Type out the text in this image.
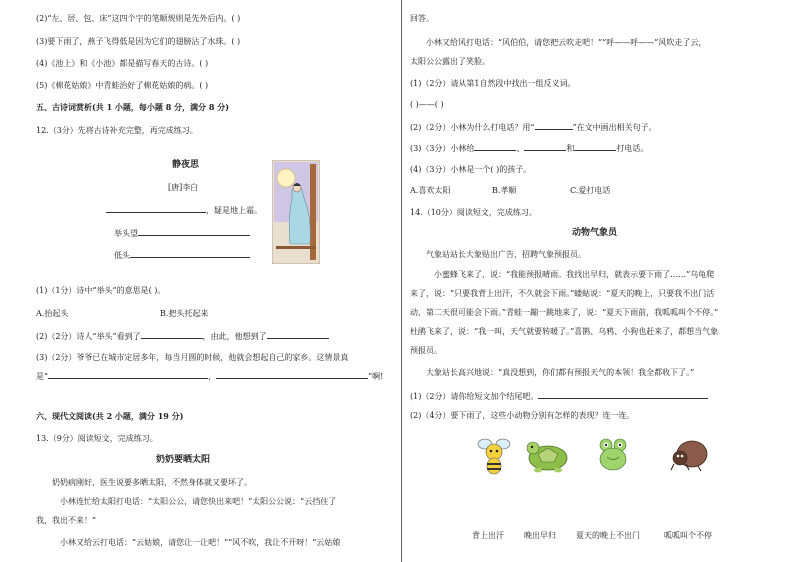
(2)“左、居、包、床”这四个字的笔顺规则是先外后内。( )
(3)要下雨了，燕子飞得低是因为它们的翅膀沾了水珠。( )
(4)《池上》和《小池》都是描写春天的古诗。( )
(5)《棉花姑娘》中青蛙治好了棉花姑娘的病。( )
五、古诗词赏析(共 1 小题，每小题 8 分，满分 8 分)
12.（3分）先将古诗补充完整，再完成练习。
静夜思
[唐]李白
，疑是地上霜。
举头望
低头
(1)（1分）诗中“举头”的意思是( )。
A.抬起头	B.把头托起来
(2)（2分）诗人“举头”看到了	，由此，他想到了
(3)（2分）爷爷已在城市定居多年，每当月圆的时候，他就会想起自己的家乡。这情景真
是“	，	”啊!
六、现代文阅读(共 2 小题，满分 19 分)
13.（9分）阅读短文，完成练习。
奶奶要晒太阳
奶奶病刚好，医生说要多晒太阳，不然身体就又要坏了。
小林连忙给太阳打电话：“太阳公公，请您快出来吧！”太阳公公说：“云挡住了
我，我出不来！”
小林又给云打电话：“云姑娘，请您让一让吧！”“风不吹，我让不开呀！”云姑娘
回答。
小林又给风打电话：“风伯伯，请您把云吹走吧！”“呼——呼——”风吹走了云，
太阳公公露出了笑脸。
(1)（2分）请从第1自然段中找出一组反义词。
( )——( )
(2)（2分）小林为什么打电话？用“	”在文中画出相关句子。
(3)（3分）小林给	、	和	打电话。
(4)（3分）小林是一个( )的孩子。
A.喜欢太阳	B.孝顺	C.爱打电话
14.（10分）阅读短文，完成练习。
动物气象员
气象站站长大象贴出广告，招聘气象预报员。
小蜜蜂飞来了，说：“我能预报晴雨。我找出早归，就表示要下雨了……”乌龟爬
来了，说：“只要我背上出汗，不久就会下雨。”蝼蛄说：“夏天的晚上，只要我不出门活
动，第二天很可能会下雨。”青蛙一蹦一跳地来了，说：“夏天下雨前，我呱呱叫个不停。”
杜鹃飞来了，说：“我一叫，天气就要转暖了。”喜鹊、乌鸦、小狗也赶来了，都想当气象
预报员。
大象站长高兴地说：“真没想到，你们都有预报天气的本领！我全都收下了。”
(1)（2分）请你给短文加个结尾吧。
(2)（4分）要下雨了，这些小动物分别有怎样的表现？连一连。
背上出汗	晚出早归	夏天的晚上不出门	呱呱叫个不停
